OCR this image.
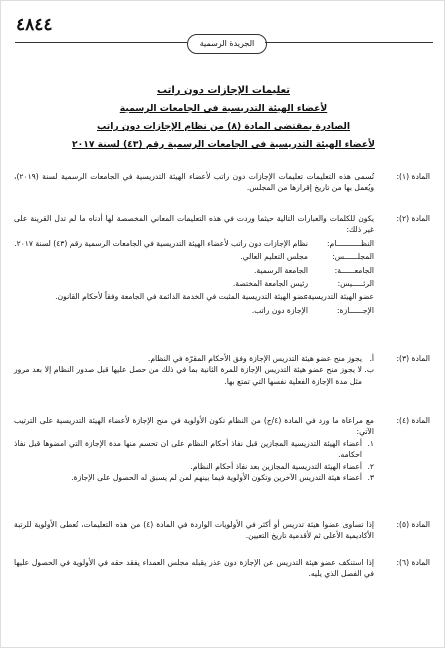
٤٨٤٤
الجريدة الرسمية
تعليمات الإجازات دون راتب
لأعضاء الهيئة التدريسية في الجامعات الرسمية
الصادرة بمقتضى المادة (٨) من نظام الإجازات دون راتب
لأعضاء الهيئة التدريسية في الجامعات الرسمية رقم (٤٣) لسنة ٢٠١٧
المادة (١):
تُسمى هذه التعليمات تعليمات الإجازات دون راتب لأعضاء الهيئة التدريسية في الجامعات الرسمية لسنة (٢٠١٩)، ويُعمل بها من تاريخ إقرارها من المجلس.
المادة (٢):
يكون للكلمات والعبارات التالية حيثما وردت في هذه التعليمات المعاني المخصصة لها أدناه ما لم تدل القرينة على غير ذلك:
النظـــــــــــام:
نظام الإجازات دون راتب لأعضاء الهيئة التدريسية في الجامعات الرسمية رقم (٤٣) لسنة ٢٠١٧.
المجلــــــس:
مجلس التعليم العالي.
الجامعــــــة:
الجامعة الرسمية.
الرئـــــيس:
رئيس الجامعة المختصة.
عضو الهيئة التدريسية:
عضو الهيئة التدريسية المثبت في الخدمة الدائمة في الجامعة وفقاً لأحكام القانون.
الإجــــــازة:
الإجازة دون راتب.
المادة (٣):
أ.
يجوز منح عضو هيئة التدريس الإجازة وفق الأحكام المقرّة في النظام.
ب.
لا يجوز منح عضو هيئة التدريس الإجازة للمرة الثانية بما في ذلك من حصل عليها قبل صدور النظام إلا بعد مرور مثل مدة الإجازة الفعلية نفسها التي تمتع بها.
المادة (٤):
مع مراعاة ما ورد في المادة (٤/ج) من النظام تكون الأولوية في منح الإجازة لأعضاء الهيئة التدريسية على الترتيب الآتي:
١.
أعضاء الهيئة التدريسية المجازين قبل نفاذ أحكام النظام على ان تحسم منها مدة الإجازة التي امضوها قبل نفاذ احكامه.
٢.
أعضاء الهيئة التدريسية المجازين بعد نفاذ أحكام النظام.
٣.
أعضاء هيئة التدريس الآخرين وتكون الأولوية فيما بينهم لمن لم يسبق له الحصول على الإجازة.
المادة (٥):
إذا تساوى عضوا هيئة تدريس أو أكثر في الأولويات الواردة في المادة (٤) من هذه التعليمات، تُعطى الأولوية للرتبة الأكاديمية الأعلى ثم لأقدمية تاريخ التعيين.
المادة (٦):
إذا استنكف عضو هيئة التدريس عن الإجازة دون عذر يقبله مجلس العمداء يفقد حقه في الأولوية في الحصول عليها في الفصل الذي يليه.
